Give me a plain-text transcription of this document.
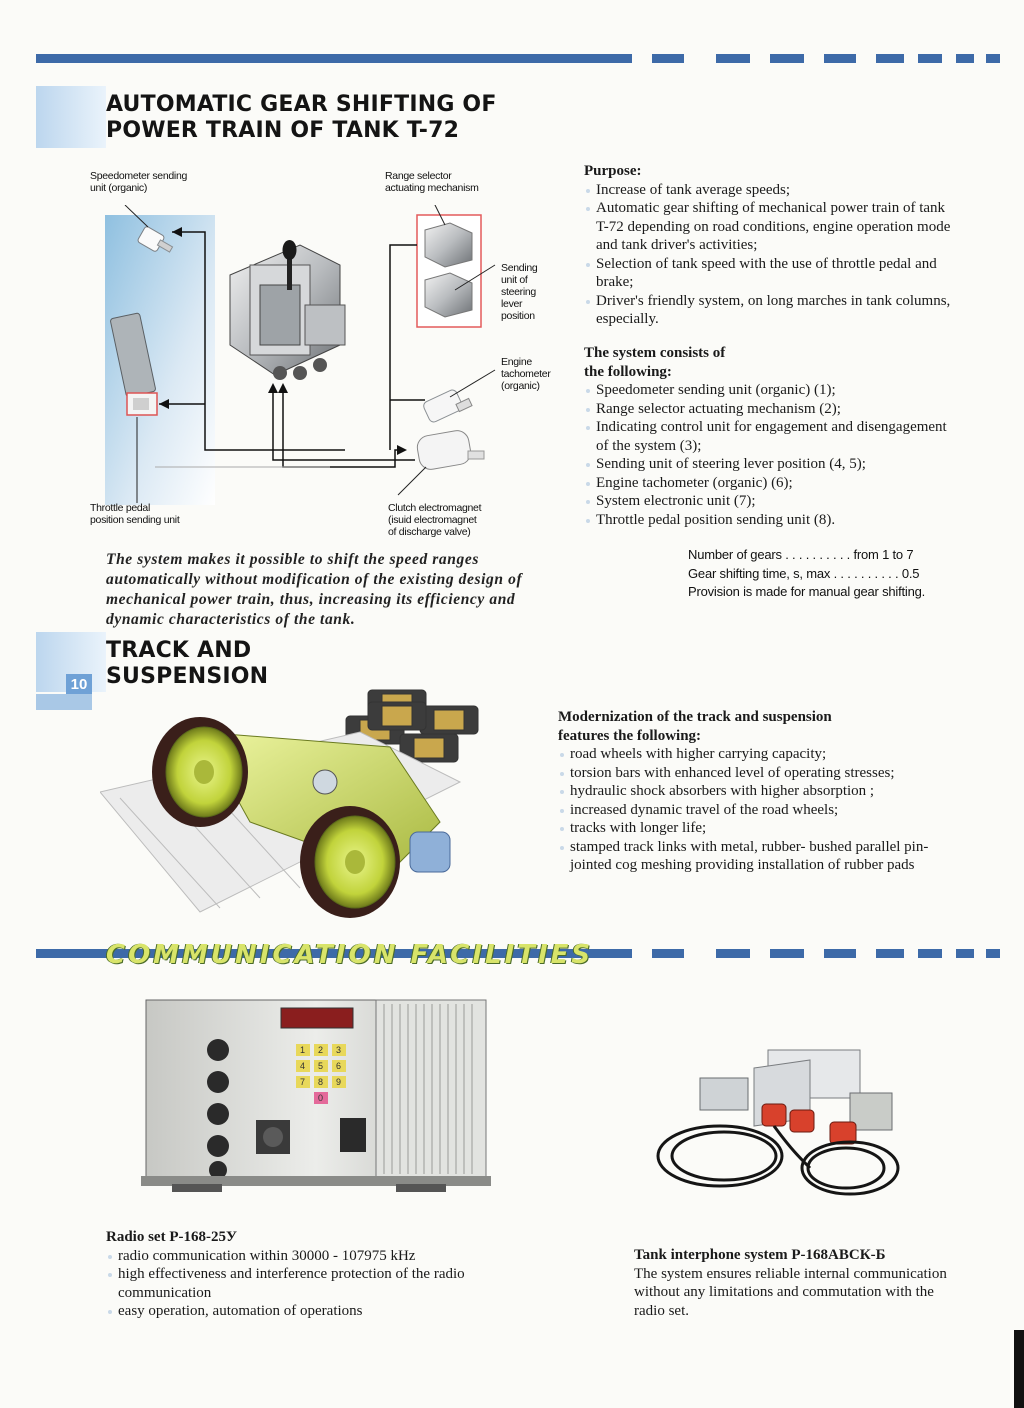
AUTOMATIC GEAR SHIFTING OF
POWER TRAIN OF TANK T-72
Speedometer sending
unit (organic)
Range selector
actuating mechanism
Sending
unit of
steering
lever
position
Engine
tachometer
(organic)
Throttle pedal
position sending unit
Clutch electromagnet
(isuid electromagnet
of discharge valve)
Purpose:
Increase of tank average speeds;
Automatic gear shifting of mechanical power train of tank T-72 depending on road conditions, engine operation mode and tank driver's activities;
Selection of tank speed with the use of throttle pedal and brake;
Driver's friendly system, on long marches in tank columns, especially.
The system consists of
the following:
Speedometer sending unit (organic) (1);
Range selector actuating mechanism (2);
Indicating control unit for engagement and disengagement of the system (3);
Sending unit of steering lever position (4, 5);
Engine tachometer (organic) (6);
System electronic unit (7);
Throttle pedal position sending unit (8).
The system makes it possible to shift the speed ranges
automatically without modification of the existing design of
mechanical power train, thus, increasing its efficiency and
dynamic characteristics of the tank.
Number of gears . . . . . . . . . . from 1 to 7
Gear shifting time, s, max . . . . . . . . . . 0.5
Provision is made for manual gear shifting.
10
TRACK AND
SUSPENSION
Modernization of the track and suspension
features the following:
road wheels with higher carrying capacity;
torsion bars with enhanced level of operating stresses;
hydraulic shock absorbers with higher absorption ;
increased dynamic travel of the road wheels;
tracks with longer life;
stamped track links with metal, rubber- bushed parallel pin-jointed cog meshing providing installation of rubber pads
COMMUNICATION FACILITIES
1 2 3
4 5 6
7 8 9
0
Radio set Р-168-25У
radio communication within 30000 - 107975 kHz
high effectiveness and interference protection of the radio communication
easy operation, automation of operations
Tank interphone system Р-168АВСК-Б
The system ensures reliable internal communication without any limitations and commutation with the radio set.
